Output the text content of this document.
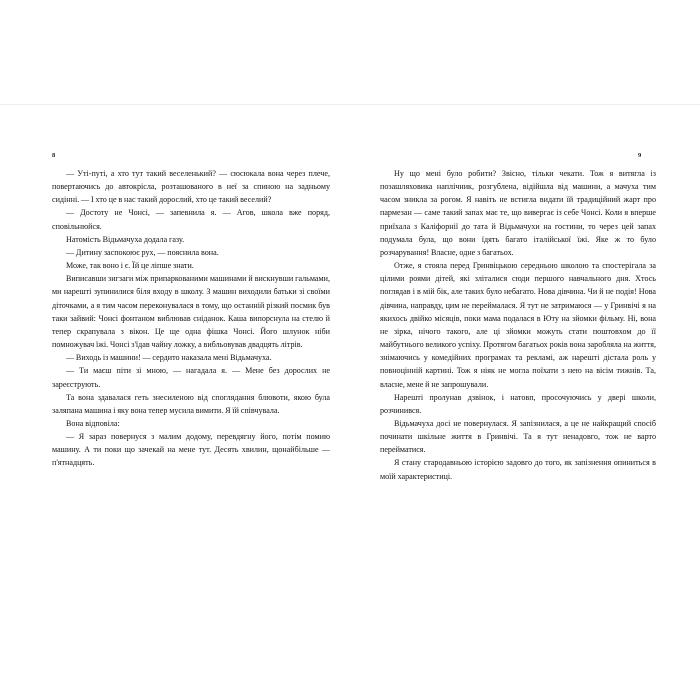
8

— Уті-путі, а хто тут такий веселенький? — сюсюкала вона через плече, повертаючись до автокрісла, розташованого в неї за спиною на задньому сидінні. — І хто це в нас такий дорослий, хто це такий веселий?

— Достоту не Чонсі, — запевнила я. — Агов, школа вже поряд, сповільнюйся.

Натомість Відьмачуха додала газу.

— Дитину заспокоює рух, — пояснила вона.

Може, так воно і є. Їй це ліпше знати.

Виписавши зигзаги між припаркованими машинами й вискнувши гальмами, ми нарешті зупинилися біля входу в школу. З машин виходили батьки зі своїми діточками, а я тим часом переконувалася в тому, що останній різкий посмик був таки зайвий: Чонсі фонтаном виблював сніданок. Каша випорснула на стелю й тепер скрапувала з вікон. Це ще одна фішка Чонсі. Його шлунок ніби помножувач їжі. Чонсі з'їдав чайну ложку, а вибльовував двадцять літрів.

— Виходь із машини! — сердито наказала мені Відьмачуха.

— Ти маєш піти зі мною, — нагадала я. — Мене без дорослих не зареєструють.

Та вона здавалася геть знесиленою від споглядання блювоти, якою була заляпана машина і яку вона тепер мусила вимити. Я їй співчувала.

Вона відповіла:

— Я зараз повернуся з малим додому, перевдягну його, потім помию машину. А ти поки що зачекай на мене тут. Десять хвилин, щонайбільше — п'ятнадцять.

9

Ну що мені було робити? Звісно, тільки чекати. Тож я витягла із позашляховика наплічник, розгублена, відійшла від машини, а мачуха тим часом зникла за рогом. Я навіть не встигла видати їй традиційний жарт про пармезан — саме такий запах має те, що вивергає із себе Чонсі. Коли я вперше приїхала з Каліфорнії до тата й Відьмачухи на гостини, то через цей запах подумала була, що вони їдять багато італійської їжі. Яке ж то було розчарування! Власне, одне з багатьох.

Отже, я стояла перед Гринвіцькою середньою школою та спостерігала за цілими роями дітей, які зліталися сюди першого навчального дня. Хтось поглядав і в мій бік, але таких було небагато. Нова дівчина. Чи й не подія! Нова дівчина, направду, цим не переймалася. Я тут не затримаюся — у Гринвічі я на якихось двійко місяців, поки мама подалася в Юту на зйомки фільму. Ні, вона не зірка, нічого такого, але ці зйомки можуть стати поштовхом до її майбутнього великого успіху. Протягом багатьох років вона заробляла на життя, знімаючись у комедійних програмах та рекламі, аж нарешті дістала роль у повноцінній картині. Тож я ніяк не могла поїхати з нею на вісім тижнів. Та, власне, мене й не запрошували.

Нарешті пролунав дзвінок, і натовп, просочуючись у двері школи, розчинився.

Відьмачуха досі не повернулася. Я запізнилася, а це не найкращий спосіб починати шкільне життя в Гринвічі. Та я тут ненадовго, тож не варто перейматися.

Я стану стародавньою історією задовго до того, як запізнення опиниться в моїй характеристиці.
